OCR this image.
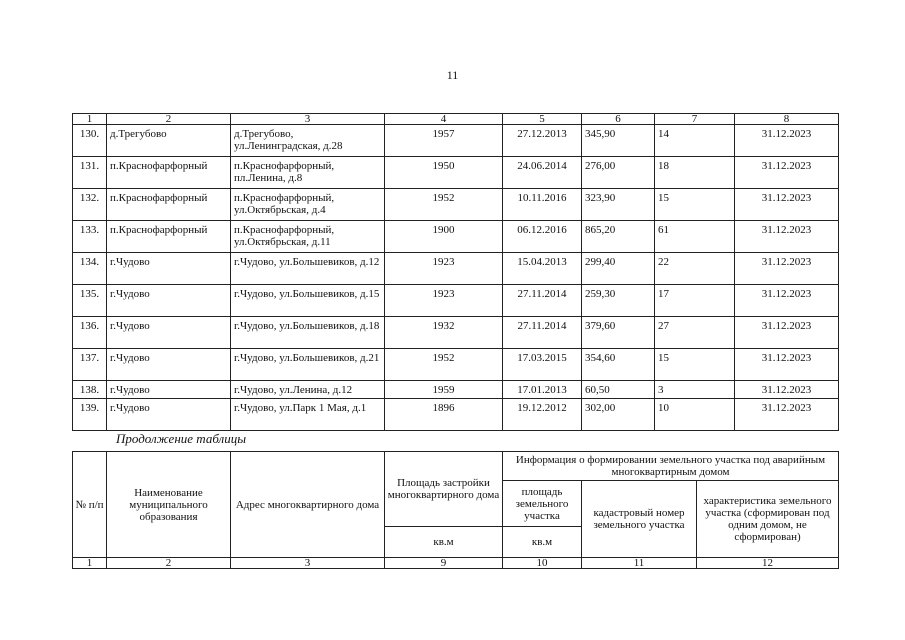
11
1	2	3	4	5	6	7	8
130.	д.Трегубово	д.Трегубово, ул.Ленинградская, д.28	1957	27.12.2013	345,90	14	31.12.2023
131.	п.Краснофарфорный	п.Краснофарфорный, пл.Ленина, д.8	1950	24.06.2014	276,00	18	31.12.2023
132.	п.Краснофарфорный	п.Краснофарфорный, ул.Октябрьская, д.4	1952	10.11.2016	323,90	15	31.12.2023
133.	п.Краснофарфорный	п.Краснофарфорный, ул.Октябрьская, д.11	1900	06.12.2016	865,20	61	31.12.2023
134.	г.Чудово	г.Чудово, ул.Большевиков, д.12	1923	15.04.2013	299,40	22	31.12.2023
135.	г.Чудово	г.Чудово, ул.Большевиков, д.15	1923	27.11.2014	259,30	17	31.12.2023
136.	г.Чудово	г.Чудово, ул.Большевиков, д.18	1932	27.11.2014	379,60	27	31.12.2023
137.	г.Чудово	г.Чудово, ул.Большевиков, д.21	1952	17.03.2015	354,60	15	31.12.2023
138.	г.Чудово	г.Чудово, ул.Ленина, д.12	1959	17.01.2013	60,50	3	31.12.2023
139.	г.Чудово	г.Чудово, ул.Парк 1 Мая, д.1	1896	19.12.2012	302,00	10	31.12.2023
Продолжение таблицы
№ п/п	Наименование муниципального образования	Адрес многоквартирного дома	Площадь застройки многоквартирного дома	Информация о формировании земельного участка под аварийным многоквартирным домом		
				площадь земельного участка	кадастровый номер земельного участка	характеристика земельного участка (сформирован под одним домом, не сформирован)
			кв.м	кв.м		
1	2	3	9	10	11	12
